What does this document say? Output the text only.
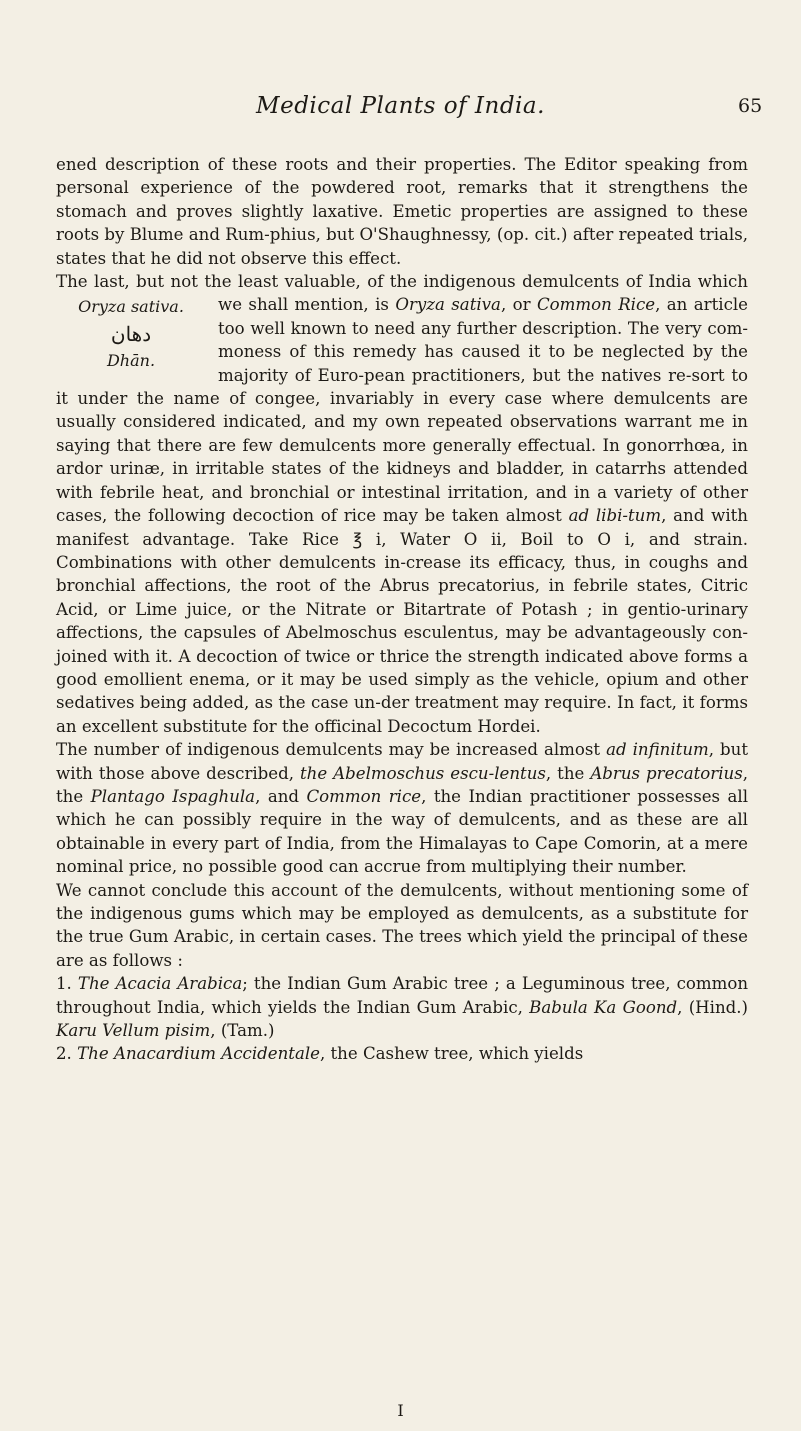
Medical Plants of India.	65

ened description of these roots and their properties. The Editor speaking from personal experience of the powdered root, remarks that it strengthens the stomach and proves slightly laxative. Emetic properties are assigned to these roots by Blume and Rum-phius, but O'Shaughnessy, (op. cit.) after repeated trials, states that he did not observe this effect.

The last, but not the least valuable, of the indigenous demulcents of India which we shall mention, is Oryza sativa, or Common Rice
Oryza sativa.
دهان
Dhān.
, an article too well known to need any further description. The very com-moness of this remedy has caused it to be neglected by the majority of Euro-pean practitioners, but the natives re-sort to it under the name of congee, invariably in every case where demulcents are usually considered indicated, and my own repeated observations warrant me in saying that there are few demulcents more generally effectual. In gonorrhœa, in ardor urinæ, in irritable states of the kidneys and bladder, in catarrhs attended with febrile heat, and bronchial or intestinal irritation, and in a variety of other cases, the following decoction of rice may be taken almost ad libi-tum, and with manifest advantage. Take Rice ℥ i, Water O ii, Boil to O i, and strain. Combinations with other demulcents in-crease its efficacy, thus, in coughs and bronchial affections, the root of the Abrus precatorius, in febrile states, Citric Acid, or Lime juice, or the Nitrate or Bitartrate of Potash ; in gentio-urinary affections, the capsules of Abelmoschus esculentus, may be advantageously con-joined with it. A decoction of twice or thrice the strength indicated above forms a good emollient enema, or it may be used simply as the vehicle, opium and other sedatives being added, as the case un-der treatment may require. In fact, it forms an excellent substitute for the officinal Decoctum Hordei.

The number of indigenous demulcents may be increased almost ad infinitum, but with those above described, the Abelmoschus escu-lentus, the Abrus precatorius, the Plantago Ispaghula, and Common rice, the Indian practitioner possesses all which he can possibly require in the way of demulcents, and as these are all obtainable in every part of India, from the Himalayas to Cape Comorin, at a mere nominal price, no possible good can accrue from multiplying their number.

We cannot conclude this account of the demulcents, without mentioning some of the indigenous gums which may be employed as demulcents, as a substitute for the true Gum Arabic, in certain cases. The trees which yield the principal of these are as follows :

1. The Acacia Arabica; the Indian Gum Arabic tree ; a Leguminous tree, common throughout India, which yields the Indian Gum Arabic, Babula Ka Goond, (Hind.) Karu Vellum pisim, (Tam.)

2. The Anacardium Accidentale, the Cashew tree, which yields

I
